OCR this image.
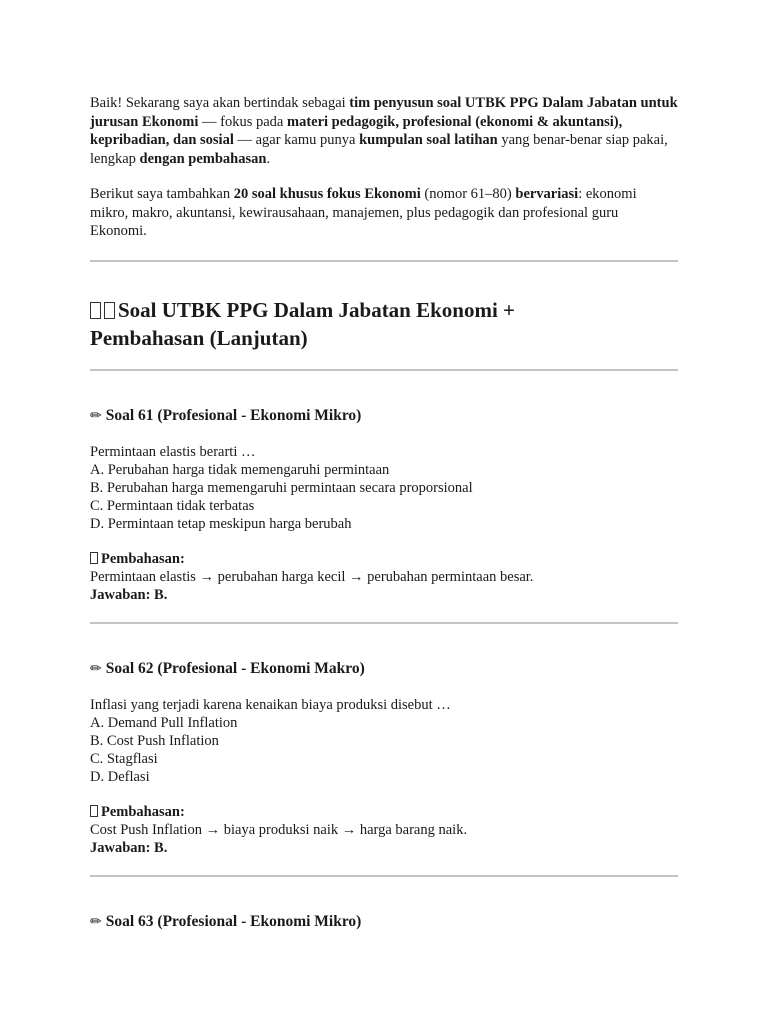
Baik! Sekarang saya akan bertindak sebagai tim penyusun soal UTBK PPG Dalam Jabatan untuk jurusan Ekonomi — fokus pada materi pedagogik, profesional (ekonomi & akuntansi), kepribadian, dan sosial — agar kamu punya kumpulan soal latihan yang benar-benar siap pakai, lengkap dengan pembahasan.

Berikut saya tambahkan 20 soal khusus fokus Ekonomi (nomor 61–80) bervariasi: ekonomi mikro, makro, akuntansi, kewirausahaan, manajemen, plus pedagogik dan profesional guru Ekonomi.

Soal UTBK PPG Dalam Jabatan Ekonomi +
Pembahasan (Lanjutan)
✏ Soal 61 (Profesional - Ekonomi Mikro)
Permintaan elastis berarti …
A. Perubahan harga tidak memengaruhi permintaan
B. Perubahan harga memengaruhi permintaan secara proporsional
C. Permintaan tidak terbatas
D. Permintaan tetap meskipun harga berubah
Pembahasan:
Permintaan elastis → perubahan harga kecil → perubahan permintaan besar.
Jawaban: B.
✏ Soal 62 (Profesional - Ekonomi Makro)
Inflasi yang terjadi karena kenaikan biaya produksi disebut …
A. Demand Pull Inflation
B. Cost Push Inflation
C. Stagflasi
D. Deflasi
Pembahasan:
Cost Push Inflation → biaya produksi naik → harga barang naik.
Jawaban: B.
✏ Soal 63 (Profesional - Ekonomi Mikro)
